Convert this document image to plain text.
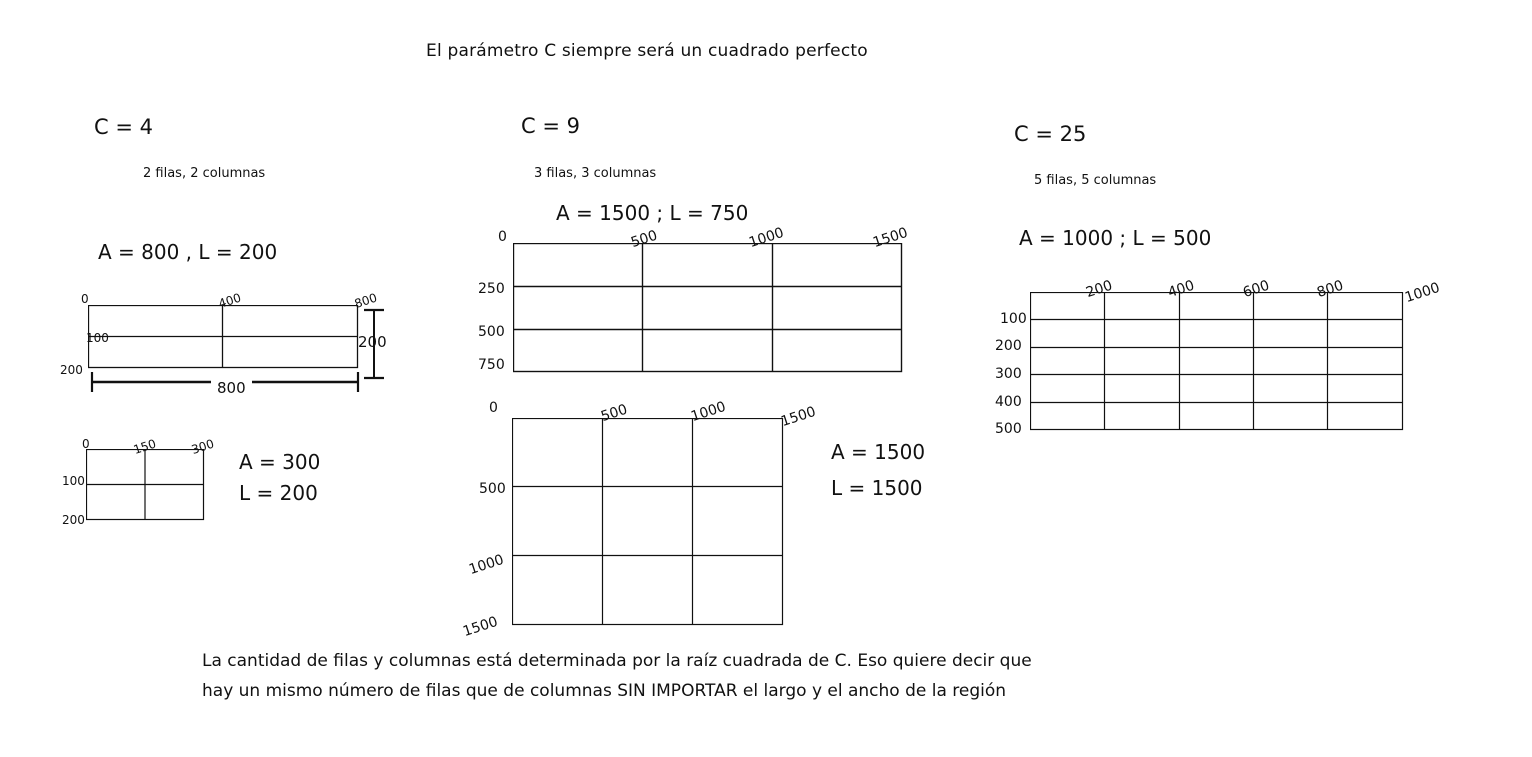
El parámetro C siempre será un cuadrado perfecto
C = 4
2 filas, 2 columnas
A = 800 , L = 200
0	400	800
100
200
200
800
0	150	300
100
200
A = 300
L = 200
C = 9
3 filas, 3 columnas
A = 1500 ; L = 750
0	500	1000	1500
250
500
750
0	500	1000	1500
500
1000
1500
A = 1500
L = 1500
C = 25
5 filas, 5 columnas
A = 1000 ; L = 500
200	400	600	800	1000
100
200
300
400
500
La cantidad de filas y columnas está determinada por la raíz cuadrada de C. Eso quiere decir que
hay un mismo número de filas que de columnas SIN IMPORTAR el largo y el ancho de la región
